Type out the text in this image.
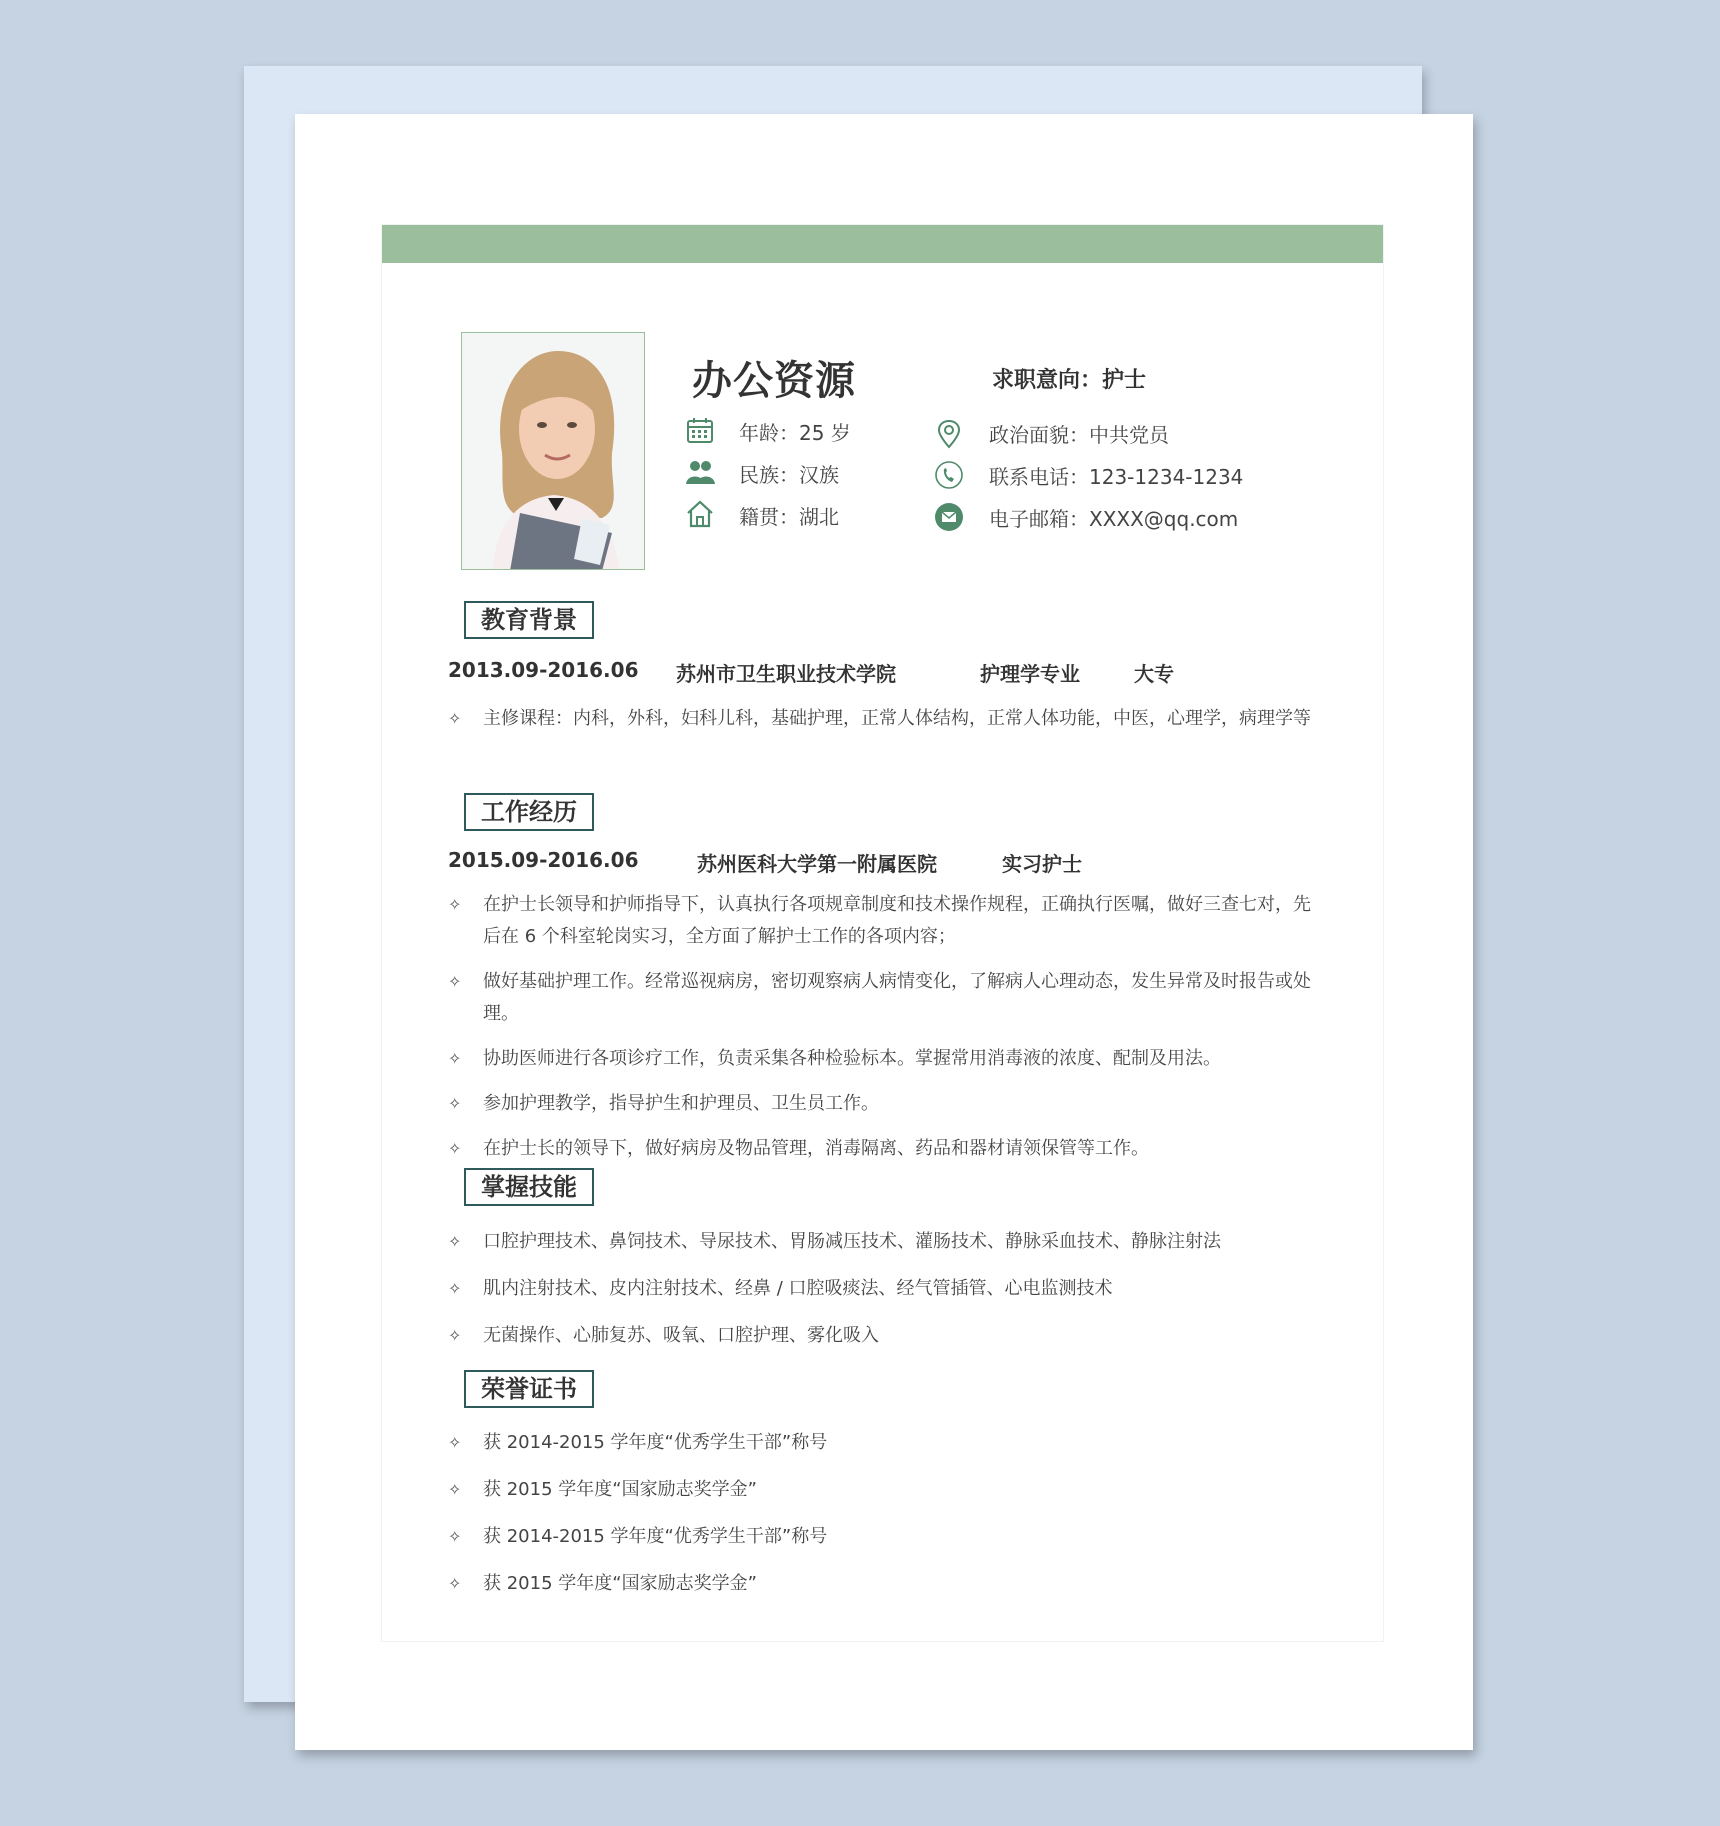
办公资源	求职意向：护士
年龄：25 岁
民族：汉族
籍贯：湖北
政治面貌：中共党员
联系电话：123-1234-1234
电子邮箱：XXXX@qq.com
教育背景
2013.09-2016.06 苏州市卫生职业技术学院	护理学专业	大专
✧ 主修课程：内科，外科，妇科儿科，基础护理，正常人体结构，正常人体功能，中医，心理学，病理学等
工作经历
2015.09-2016.06	苏州医科大学第一附属医院	实习护士
✧ 在护士长领导和护师指导下，认真执行各项规章制度和技术操作规程，正确执行医嘱，做好三查七对，先后在 6 个科室轮岗实习，全方面了解护士工作的各项内容；
✧ 做好基础护理工作。经常巡视病房，密切观察病人病情变化，了解病人心理动态，发生异常及时报告或处理。
✧ 协助医师进行各项诊疗工作，负责采集各种检验标本。掌握常用消毒液的浓度、配制及用法。
✧ 参加护理教学，指导护生和护理员、卫生员工作。
✧ 在护士长的领导下，做好病房及物品管理，消毒隔离、药品和器材请领保管等工作。
掌握技能
✧ 口腔护理技术、鼻饲技术、导尿技术、胃肠减压技术、灌肠技术、静脉采血技术、静脉注射法
✧ 肌内注射技术、皮内注射技术、经鼻 / 口腔吸痰法、经气管插管、心电监测技术
✧ 无菌操作、心肺复苏、吸氧、口腔护理、雾化吸入
荣誉证书
✧ 获 2014-2015 学年度“优秀学生干部”称号
✧ 获 2015 学年度“国家励志奖学金”
✧ 获 2014-2015 学年度“优秀学生干部”称号
✧ 获 2015 学年度“国家励志奖学金”
